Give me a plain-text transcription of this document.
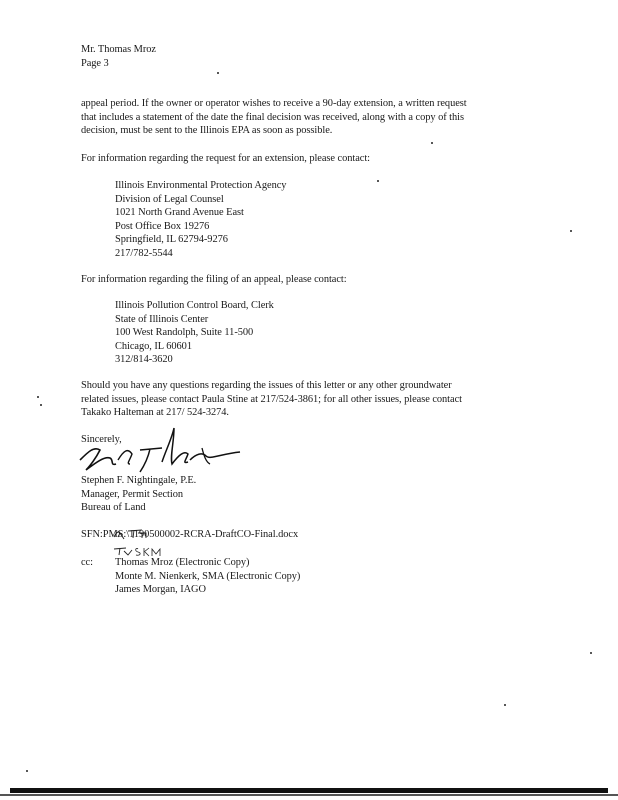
Mr. Thomas Mroz
Page 3
appeal period. If the owner or operator wishes to receive a 90-day extension, a written request
that includes a statement of the date the final decision was received, along with a copy of this
decision, must be sent to the Illinois EPA as soon as possible.
For information regarding the request for an extension, please contact:
Illinois Environmental Protection Agency
Division of Legal Counsel
1021 North Grand Avenue East
Post Office Box 19276
Springfield, IL 62794-9276
217/782-5544
For information regarding the filing of an appeal, please contact:
Illinois Pollution Control Board, Clerk
State of Illinois Center
100 West Randolph, Suite 11-500
Chicago, IL 60601
312/814-3620
Should you have any questions regarding the issues of this letter or any other groundwater
related issues, please contact Paula Stine at 217/524-3861; for all other issues, please contact
Takako Halteman at 217/ 524-3274.
Sincerely,
Stephen F. Nightingale, P.E.
Manager, Permit Section
Bureau of Land
SFN:PMS:\1190500002-RCRA-DraftCO-Final.docx
cc: Thomas Mroz (Electronic Copy)
Monte M. Nienkerk, SMA (Electronic Copy)
James Morgan, IAGO
